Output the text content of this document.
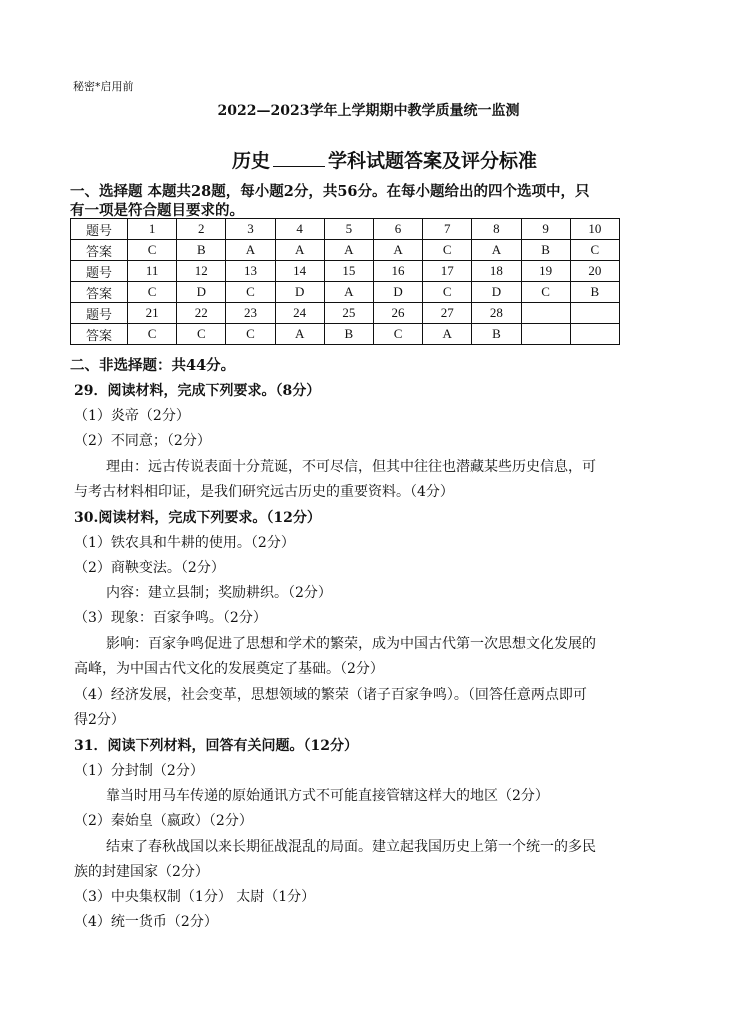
秘密*启用前
2022—2023学年上学期期中教学质量统一监测
历史	学科试题答案及评分标准
一、选择题 本题共28题，每小题2分，共56分。在每小题给出的四个选项中，只
有一项是符合题目要求的。
题号	1	2	3	4	5	6	7	8	9	10
答案	C	B	A	A	A	A	C	A	B	C
题号	11	12	13	14	15	16	17	18	19	20
答案	C	D	C	D	A	D	C	D	C	B
题号	21	22	23	24	25	26	27	28		
答案	C	C	C	A	B	C	A	B		
二、非选择题：共44分。
29．阅读材料，完成下列要求。（8分）
（1）炎帝（2分）
（2）不同意；（2分）
理由：远古传说表面十分荒诞，不可尽信，但其中往往也潜藏某些历史信息，可
与考古材料相印证，是我们研究远古历史的重要资料。（4分）
30.阅读材料，完成下列要求。（12分）
（1）铁农具和牛耕的使用。（2分）
（2）商鞅变法。（2分）
内容：建立县制；奖励耕织。（2分）
（3）现象：百家争鸣。（2分）
影响：百家争鸣促进了思想和学术的繁荣，成为中国古代第一次思想文化发展的
高峰，为中国古代文化的发展奠定了基础。（2分）
（4）经济发展，社会变革，思想领域的繁荣（诸子百家争鸣）。（回答任意两点即可
得2分）
31．阅读下列材料，回答有关问题。（12分）
（1）分封制（2分）
靠当时用马车传递的原始通讯方式不可能直接管辖这样大的地区（2分）
（2）秦始皇（嬴政）（2分）
结束了春秋战国以来长期征战混乱的局面。建立起我国历史上第一个统一的多民
族的封建国家（2分）
（3）中央集权制（1分） 太尉（1分）
（4）统一货币（2分）
